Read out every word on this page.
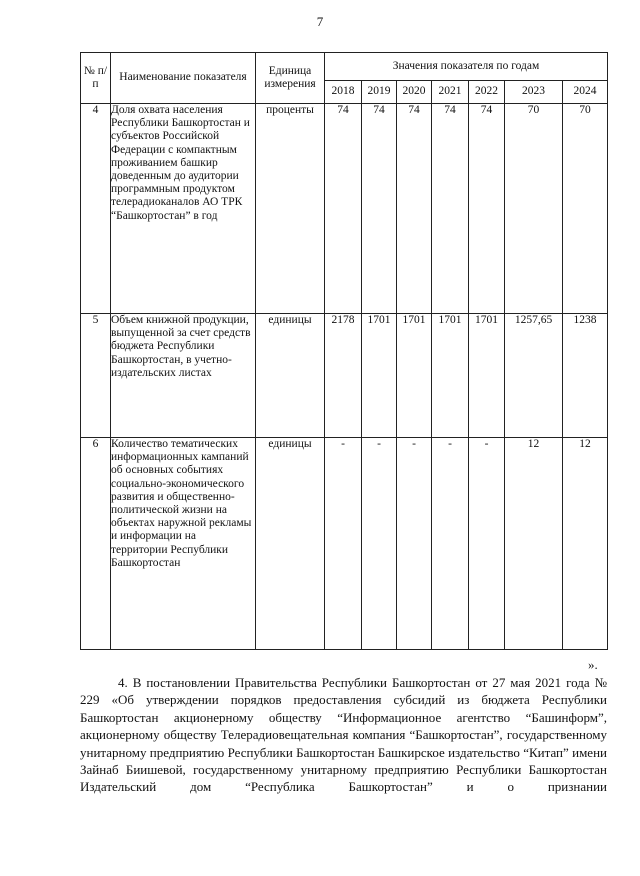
7
№ п/п	Наименование показателя	Единица измерения	Значения показателя по годам						
			2018	2019	2020	2021	2022	2023	2024
4	Доля охвата населения Республики Башкортостан и субъектов Российской Федерации с компактным проживанием башкир доведенным до аудитории программным продуктом телерадиоканалов АО ТРК “Башкортостан” в год	проценты	74	74	74	74	74	70	70
5	Объем книжной продукции, выпущенной за счет средств бюджета Республики Башкортостан, в учетно-издательских листах	единицы	2178	1701	1701	1701	1701	1257,65	1238
6	Количество тематических информационных кампаний об основных событиях социально-экономического развития и общественно-политической жизни на объектах наружной рекламы и информации на территории Республики Башкортостан	единицы	-	-	-	-	-	12	12
».

4. В постановлении Правительства Республики Башкортостан от 27 мая 2021 года № 229 «Об утверждении порядков предоставления субсидий из бюджета Республики Башкортостан акционерному обществу “Информационное агентство “Башинформ”, акционерному обществу Телерадиовещательная компания “Башкортостан”, государственному унитарному предприятию Республики Башкортостан Башкирское издательство “Китап” имени Зайнаб Биишевой, государственному унитарному предприятию Республики Башкортостан Издательский дом “Республика Башкортостан” и о признании
